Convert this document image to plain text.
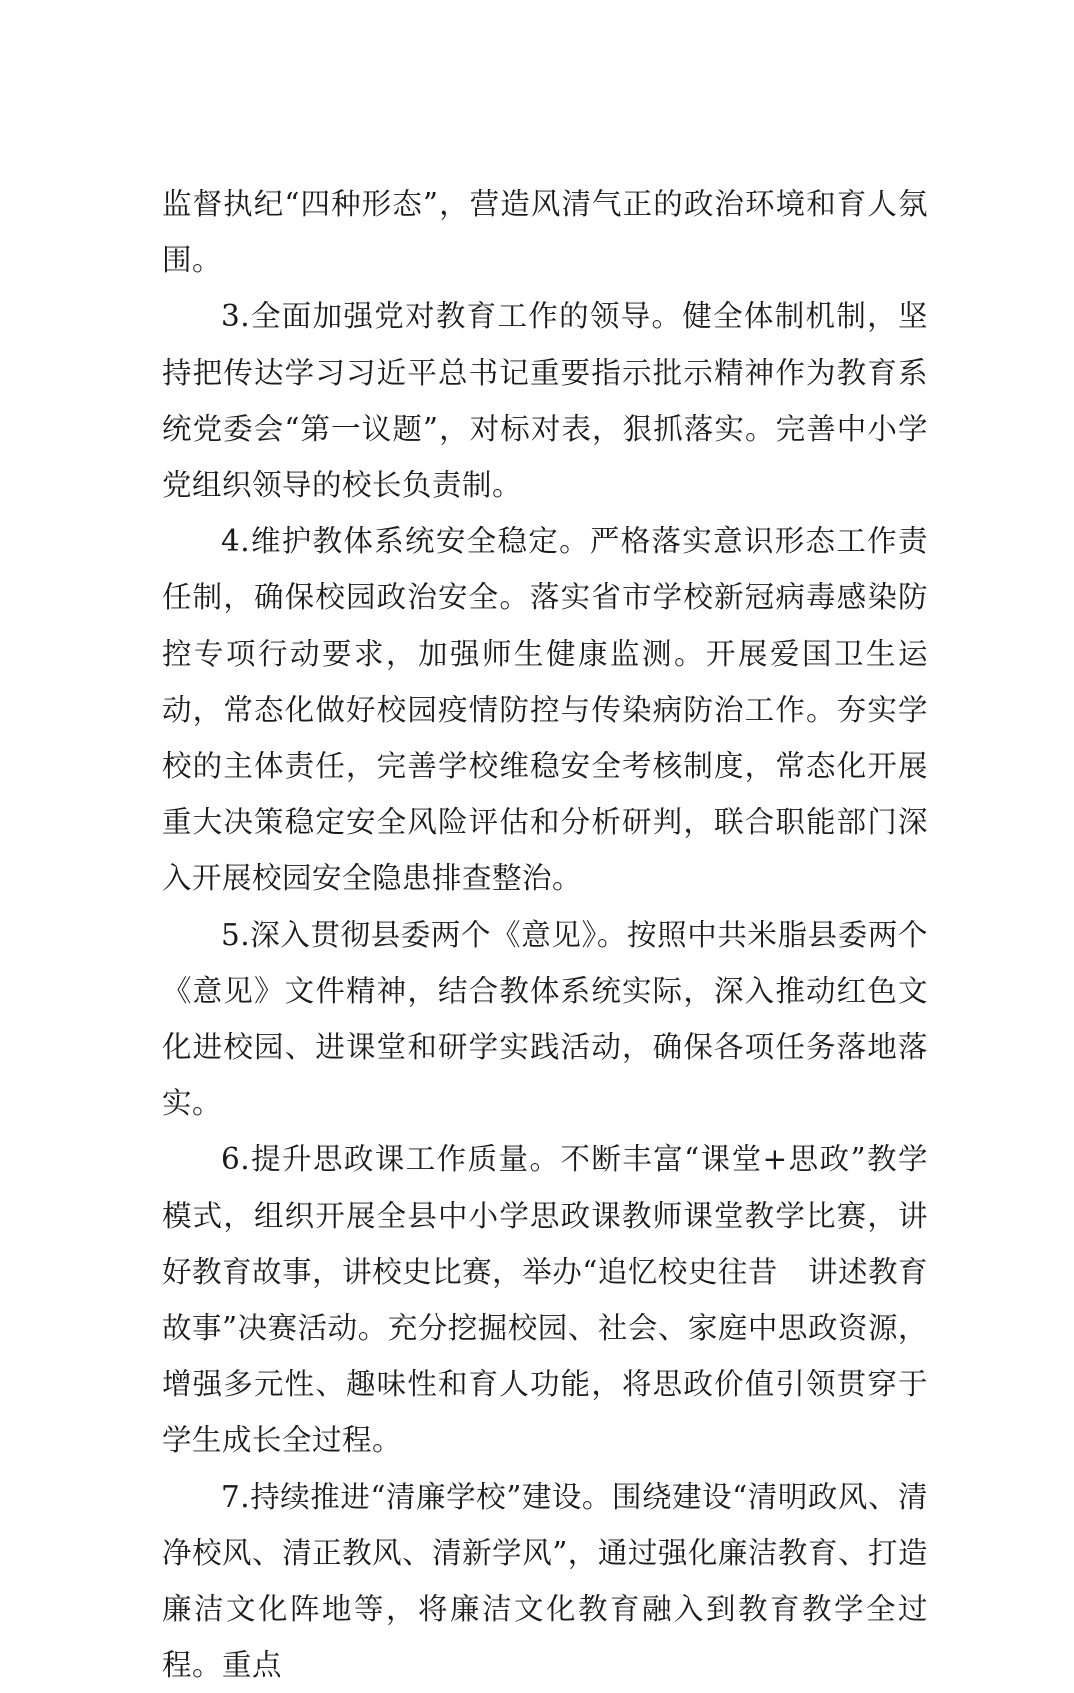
监督执纪“四种形态”，营造风清气正的政治环境和育人氛围。

3.全面加强党对教育工作的领导。健全体制机制，坚持把传达学习习近平总书记重要指示批示精神作为教育系统党委会“第一议题”，对标对表，狠抓落实。完善中小学党组织领导的校长负责制。

4.维护教体系统安全稳定。严格落实意识形态工作责任制，确保校园政治安全。落实省市学校新冠病毒感染防控专项行动要求，加强师生健康监测。开展爱国卫生运动，常态化做好校园疫情防控与传染病防治工作。夯实学校的主体责任，完善学校维稳安全考核制度，常态化开展重大决策稳定安全风险评估和分析研判，联合职能部门深入开展校园安全隐患排查整治。

5.深入贯彻县委两个《意见》。按照中共米脂县委两个《意见》文件精神，结合教体系统实际，深入推动红色文化进校园、进课堂和研学实践活动，确保各项任务落地落实。

6.提升思政课工作质量。不断丰富“课堂+思政”教学模式，组织开展全县中小学思政课教师课堂教学比赛，讲好教育故事，讲校史比赛，举办“追忆校史往昔　讲述教育故事”决赛活动。充分挖掘校园、社会、家庭中思政资源，增强多元性、趣味性和育人功能，将思政价值引领贯穿于学生成长全过程。

7.持续推进“清廉学校”建设。围绕建设“清明政风、清净校风、清正教风、清新学风”，通过强化廉洁教育、打造廉洁文化阵地等，将廉洁文化教育融入到教育教学全过程。重点
